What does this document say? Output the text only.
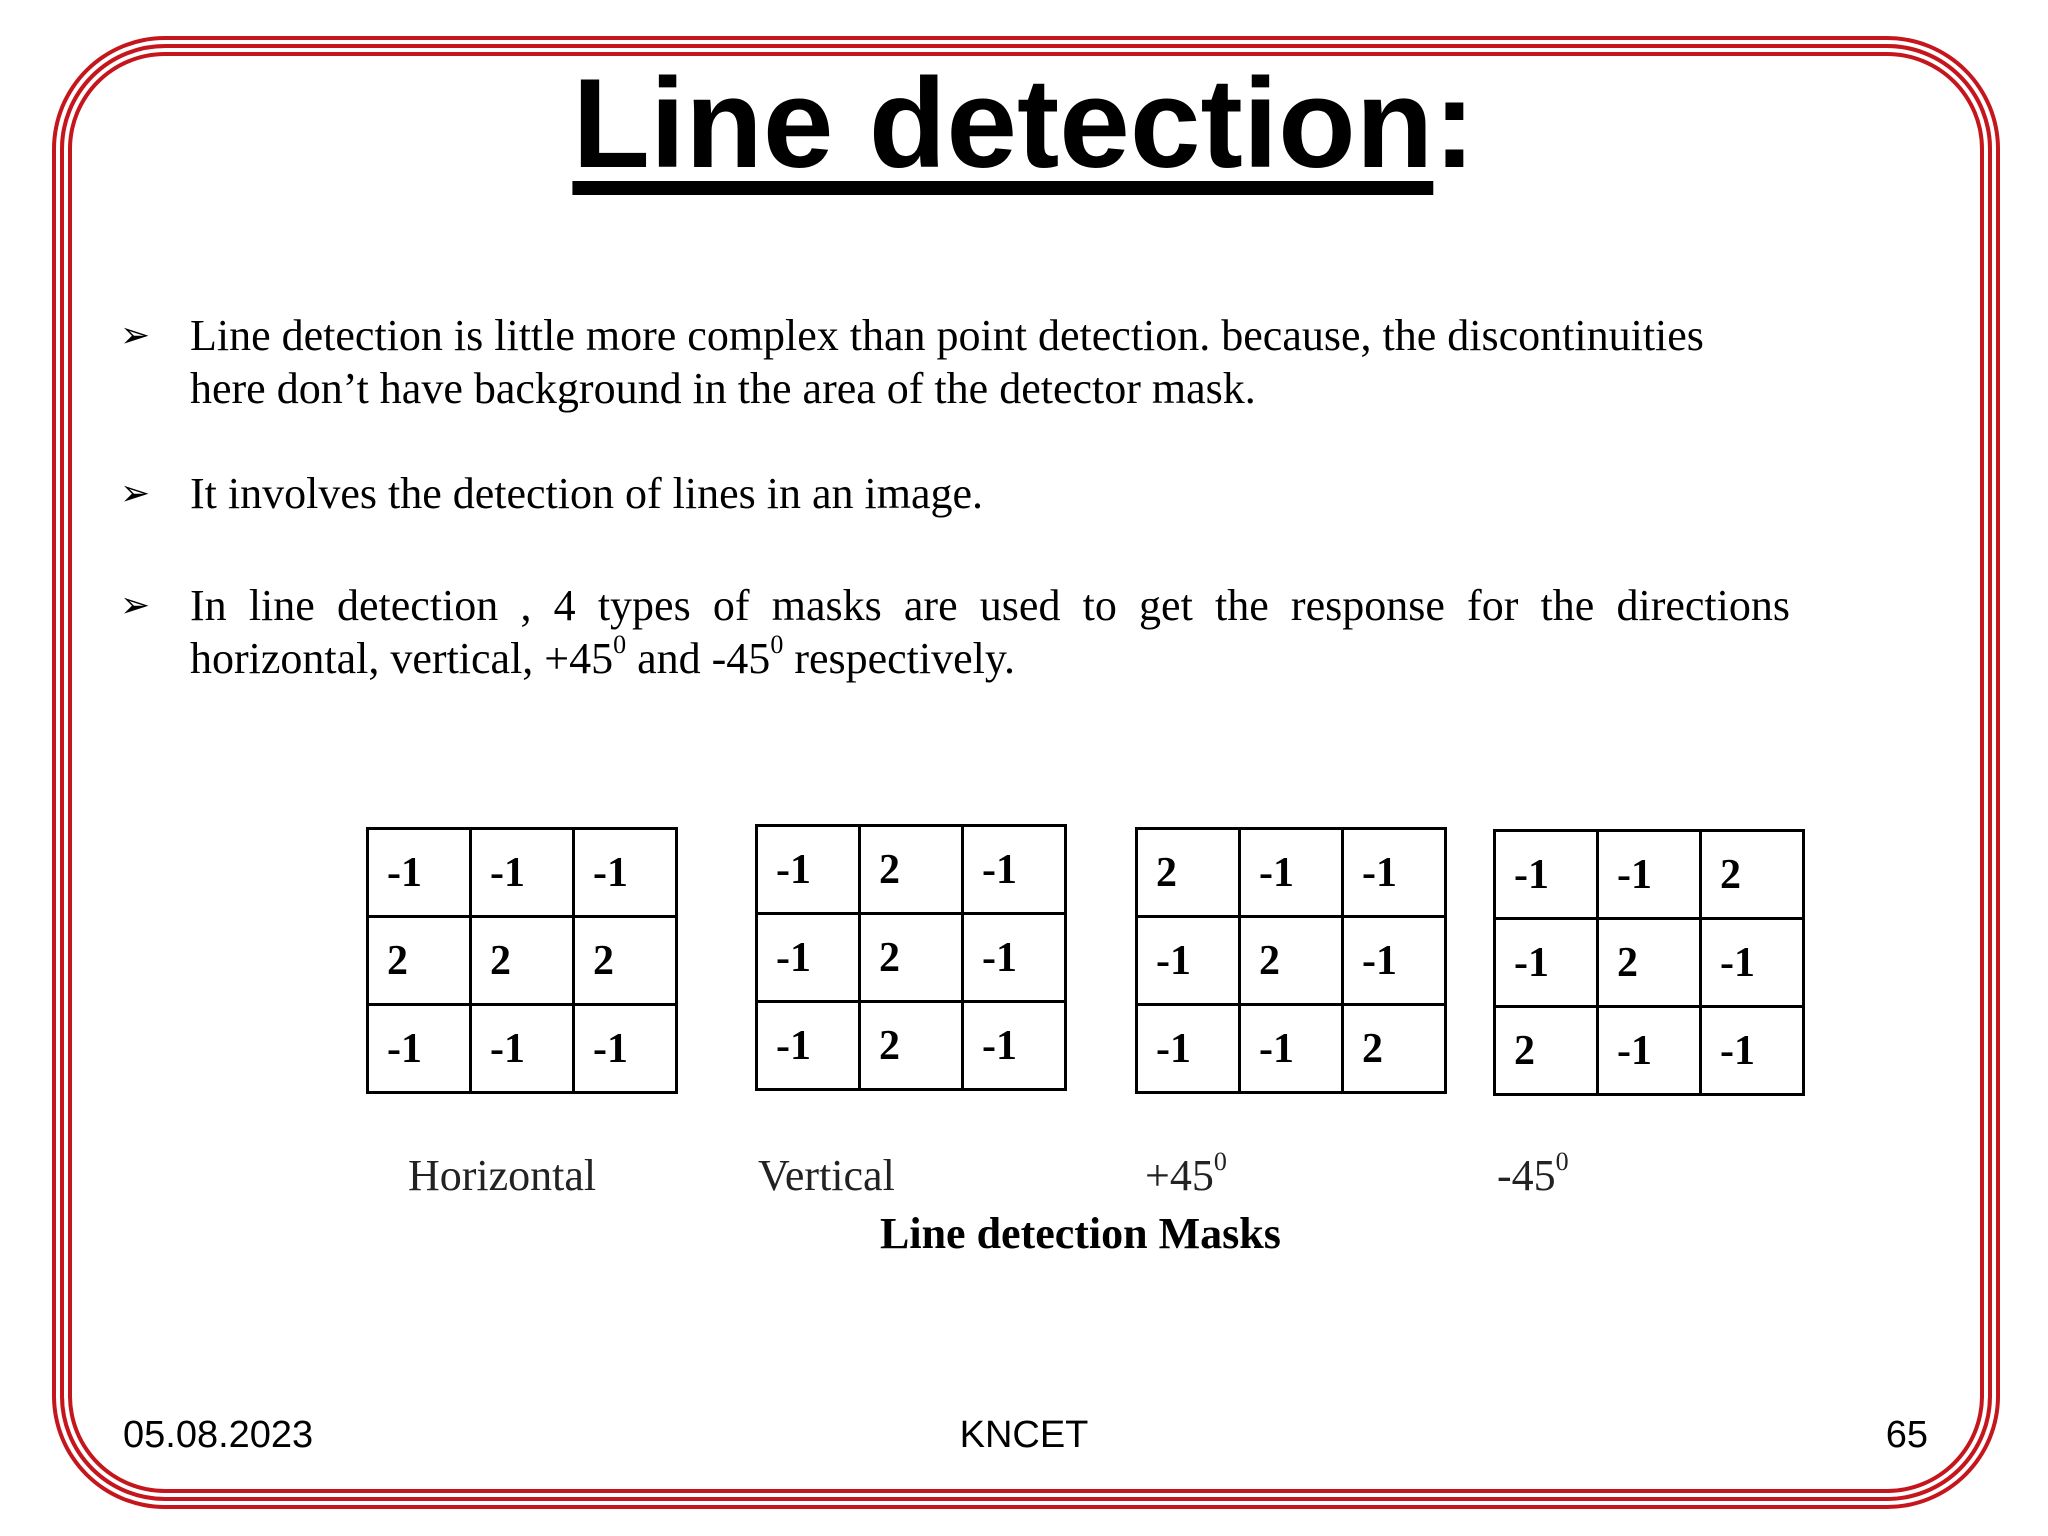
Line detection:
➢ Line detection is little more complex than point detection. because, the discontinuities here don’t have background in the area of the detector mask.
➢ It involves the detection of lines in an image.
➢ In line detection , 4 types of masks are used to get the response for the directions
horizontal, vertical, $+45^0$ and $-45^0$ respectively.
-1	-1	-1
2	2	2
-1	-1	-1
-1	2	-1
-1	2	-1
-1	2	-1
2	-1	-1
-1	2	-1
-1	-1	2
-1	-1	2
-1	2	-1
2	-1	-1
Horizontal	Vertical	$+45^0$	$-45^0$
Line detection Masks
05.08.2023	KNCET	65
